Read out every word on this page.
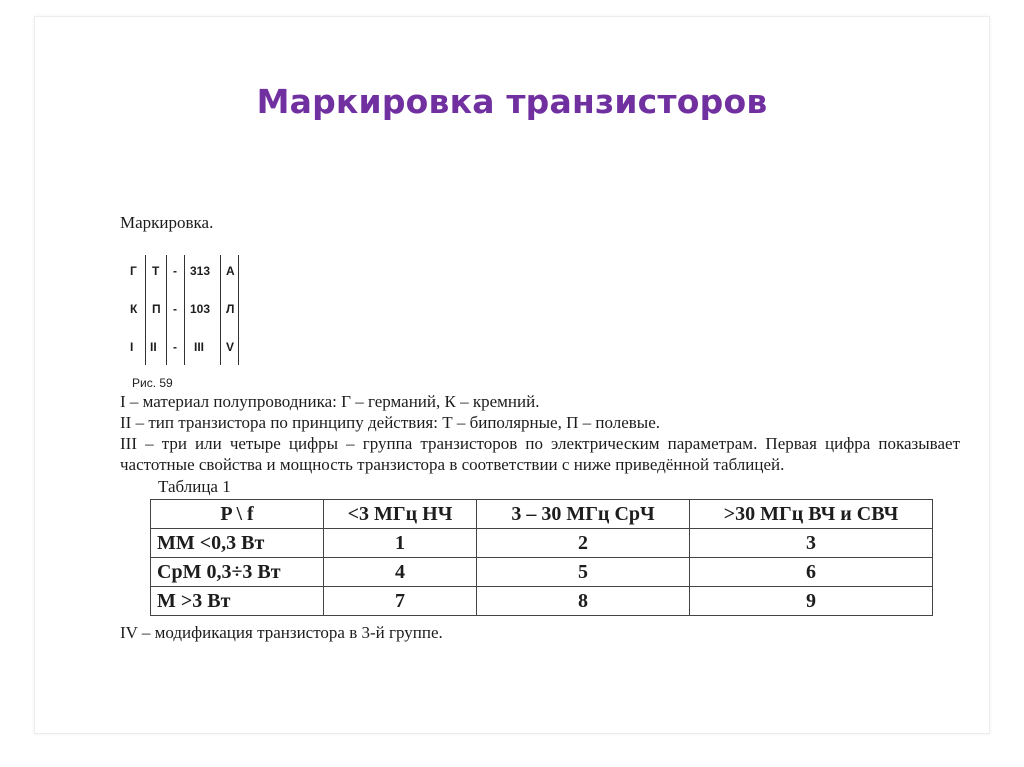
Маркировка транзисторов

Маркировка.

Г Т - 313 А
К П - 103 Л
I II - III V

Рис. 59

I – материал полупроводника: Г – германий, К – кремний.

II – тип транзистора по принципу действия: Т – биполярные, П – полевые.

III – три или четыре цифры – группа транзисторов по электрическим параметрам. Первая цифра показывает частотные свойства и мощность транзистора в соответствии с ниже приведённой таблицей.

Таблица 1

P \ f	<3 МГц НЧ	3 – 30 МГц СрЧ	>30 МГц ВЧ и СВЧ
ММ <0,3 Вт	1	2	3
СрМ 0,3÷3 Вт	4	5	6
М >3 Вт	7	8	9

IV – модификация транзистора в 3-й группе.
